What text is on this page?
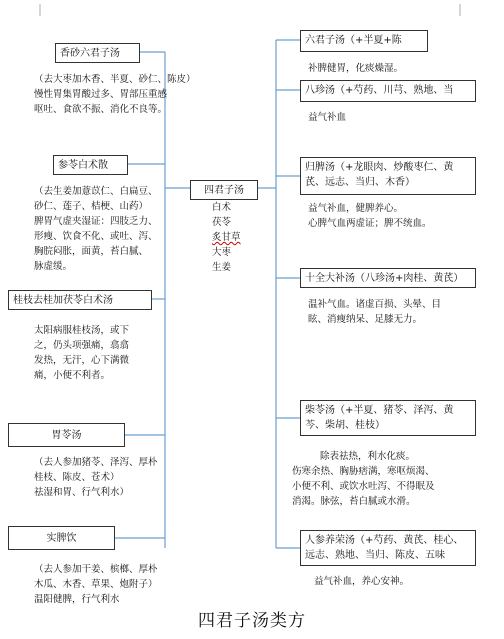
四君子汤
白术
茯苓
炙甘草
大枣
生姜
香砂六君子汤
（去大枣加木香、半夏、砂仁、陈皮）
慢性胃集胃酸过多、胃部压重感
呕吐、食欲不振、消化不良等。
参苓白术散
（去生姜加薏苡仁、白扁豆、
砂仁、莲子、桔梗、山药）
脾胃气虚夹湿证：四肢乏力、
形瘦、饮食不化、或吐、泻、
胸脘闷胀，面黄，苔白腻、
脉虚缓。
桂枝去桂加茯苓白术汤
太阳病服桂枝汤，或下
之，仍头项强痛，翕翕
发热，无汗，心下满微
痛，小便不利者。
胃苓汤
（去人参加猪苓、泽泻、厚朴
桂枝、陈皮、苍术）
祛湿和胃、行气利水）
实脾饮
（去人参加干姜、槟榔、厚朴
木瓜、木香、草果、炮附子）
温阳健脾，行气利水
六君子汤（+半夏+陈
补脾健胃，化痰燥湿。
八珍汤（+芍药、川芎、熟地、当
益气补血
归脾汤（+龙眼肉、炒酸枣仁、黄芪、远志、当归、木香）
益气补血，健脾养心。
心脾气血两虚证；脾不统血。
十全大补汤（八珍汤+肉桂、黄芪）
温补气血。诸虚百损、头晕、目
眩、消瘦纳呆、足膝无力。
柴苓汤（+半夏、猪苓、泽泻、黄芩、柴胡、桂枝）
除表祛热，利水化痰。
伤寒余热、胸胁痞满，寒呕烦渴、
小便不利、或饮水吐泻、不得眠及
消渴。脉弦，苔白腻或水滑。
人参养荣汤（+芍药、黄芪、桂心、远志、熟地、当归、陈皮、五味
益气补血，养心安神。
四君子汤类方
